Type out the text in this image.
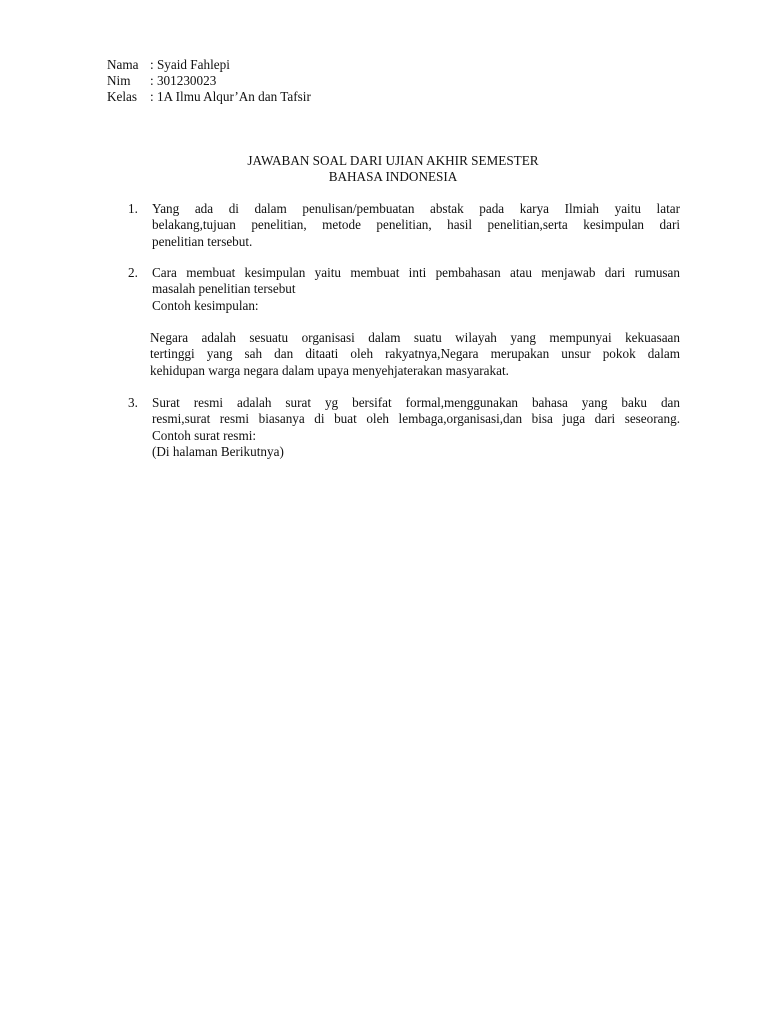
Nama : Syaid Fahlepi
Nim	: 301230023
Kelas : 1A Ilmu Alqur’An dan Tafsir
JAWABAN SOAL DARI UJIAN AKHIR SEMESTER
BAHASA INDONESIA
1.	Yang ada di dalam penulisan/pembuatan abstak pada karya Ilmiah yaitu latar
belakang,tujuan penelitian, metode penelitian, hasil penelitian,serta kesimpulan dari
penelitian tersebut.
2.	Cara membuat kesimpulan yaitu membuat inti pembahasan atau menjawab dari rumusan
masalah penelitian tersebut
Contoh kesimpulan:
Negara adalah sesuatu organisasi dalam suatu wilayah yang mempunyai kekuasaan
tertinggi yang sah dan ditaati oleh rakyatnya,Negara merupakan unsur pokok dalam
kehidupan warga negara dalam upaya menyehjaterakan masyarakat.
3.	Surat resmi adalah surat yg bersifat formal,menggunakan bahasa yang baku dan
resmi,surat resmi biasanya di buat oleh lembaga,organisasi,dan bisa juga dari seseorang.
Contoh surat resmi:
(Di halaman Berikutnya)
